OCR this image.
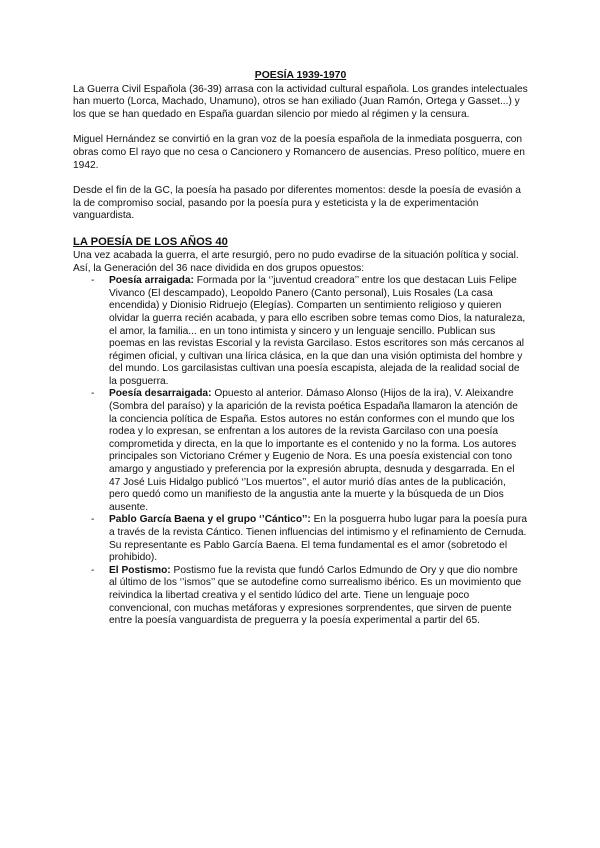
POESÍA 1939-1970

La Guerra Civil Española (36-39) arrasa con la actividad cultural española. Los grandes intelectuales han muerto (Lorca, Machado, Unamuno), otros se han exiliado (Juan Ramón, Ortega y Gasset...) y los que se han quedado en España guardan silencio por miedo al régimen y la censura.

Miguel Hernández se convirtió en la gran voz de la poesía española de la inmediata posguerra, con obras como El rayo que no cesa o Cancionero y Romancero de ausencias. Preso político, muere en 1942.

Desde el fin de la GC, la poesía ha pasado por diferentes momentos: desde la poesía de evasión a la de compromiso social, pasando por la poesía pura y esteticista y la de experimentación vanguardista.

LA POESÍA DE LOS AÑOS 40
Una vez acabada la guerra, el arte resurgió, pero no pudo evadirse de la situación política y social. Así, la Generación del 36 nace dividida en dos grupos opuestos:
- Poesía arraigada: Formada por la ‘’juventud creadora’’ entre los que destacan Luis Felipe Vivanco (El descampado), Leopoldo Panero (Canto personal), Luis Rosales (La casa encendida) y Dionisio Ridruejo (Elegías). Comparten un sentimiento religioso y quieren olvidar la guerra recién acabada, y para ello escriben sobre temas como Dios, la naturaleza, el amor, la familia... en un tono intimista y sincero y un lenguaje sencillo. Publican sus poemas en las revistas Escorial y la revista Garcilaso. Estos escritores son más cercanos al régimen oficial, y cultivan una lírica clásica, en la que dan una visión optimista del hombre y del mundo. Los garcilasistas cultivan una poesía escapista, alejada de la realidad social de la posguerra.
- Poesía desarraigada: Opuesto al anterior. Dámaso Alonso (Hijos de la ira), V. Aleixandre (Sombra del paraíso) y la aparición de la revista poética Espadaña llamaron la atención de la conciencia política de España. Estos autores no están conformes con el mundo que los rodea y lo expresan, se enfrentan a los autores de la revista Garcilaso con una poesía comprometida y directa, en la que lo importante es el contenido y no la forma. Los autores principales son Victoriano Crémer y Eugenio de Nora. Es una poesía existencial con tono amargo y angustiado y preferencia por la expresión abrupta, desnuda y desgarrada. En el 47 José Luis Hidalgo publicó ‘’Los muertos’’, el autor murió días antes de la publicación, pero quedó como un manifiesto de la angustia ante la muerte y la búsqueda de un Dios ausente.
- Pablo García Baena y el grupo ‘’Cántico’’: En la posguerra hubo lugar para la poesía pura a través de la revista Cántico. Tienen influencias del intimismo y el refinamiento de Cernuda. Su representante es Pablo García Baena. El tema fundamental es el amor (sobretodo el prohibido).
- El Postismo: Postismo fue la revista que fundó Carlos Edmundo de Ory y que dio nombre al último de los ‘’ismos’’ que se autodefine como surrealismo ibérico. Es un movimiento que reivindica la libertad creativa y el sentido lúdico del arte. Tiene un lenguaje poco convencional, con muchas metáforas y expresiones sorprendentes, que sirven de puente entre la poesía vanguardista de preguerra y la poesía experimental a partir del 65.
